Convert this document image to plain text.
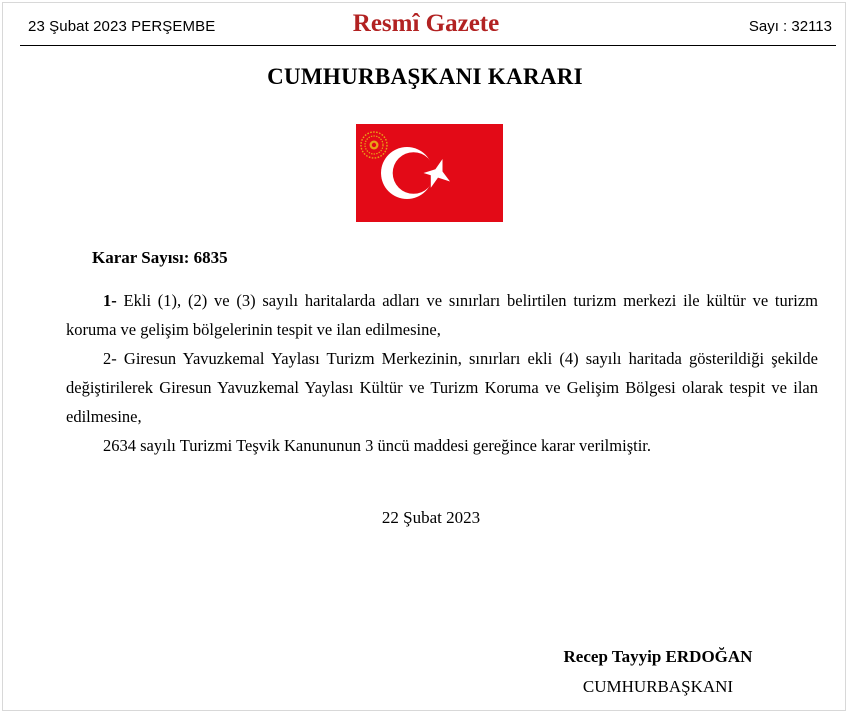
23 Şubat 2023 PERŞEMBE	Resmî Gazete	Sayı : 32113
CUMHURBAŞKANI KARARI
Karar Sayısı: 6835

1- Ekli (1), (2) ve (3) sayılı haritalarda adları ve sınırları belirtilen turizm merkezi ile kültür ve turizm koruma ve gelişim bölgelerinin tespit ve ilan edilmesine,

2- Giresun Yavuzkemal Yaylası Turizm Merkezinin, sınırları ekli (4) sayılı haritada gösterildiği şekilde değiştirilerek Giresun Yavuzkemal Yaylası Kültür ve Turizm Koruma ve Gelişim Bölgesi olarak tespit ve ilan edilmesine,

2634 sayılı Turizmi Teşvik Kanununun 3 üncü maddesi gereğince karar verilmiştir.

22 Şubat 2023
Recep Tayyip ERDOĞAN
CUMHURBAŞKANI
